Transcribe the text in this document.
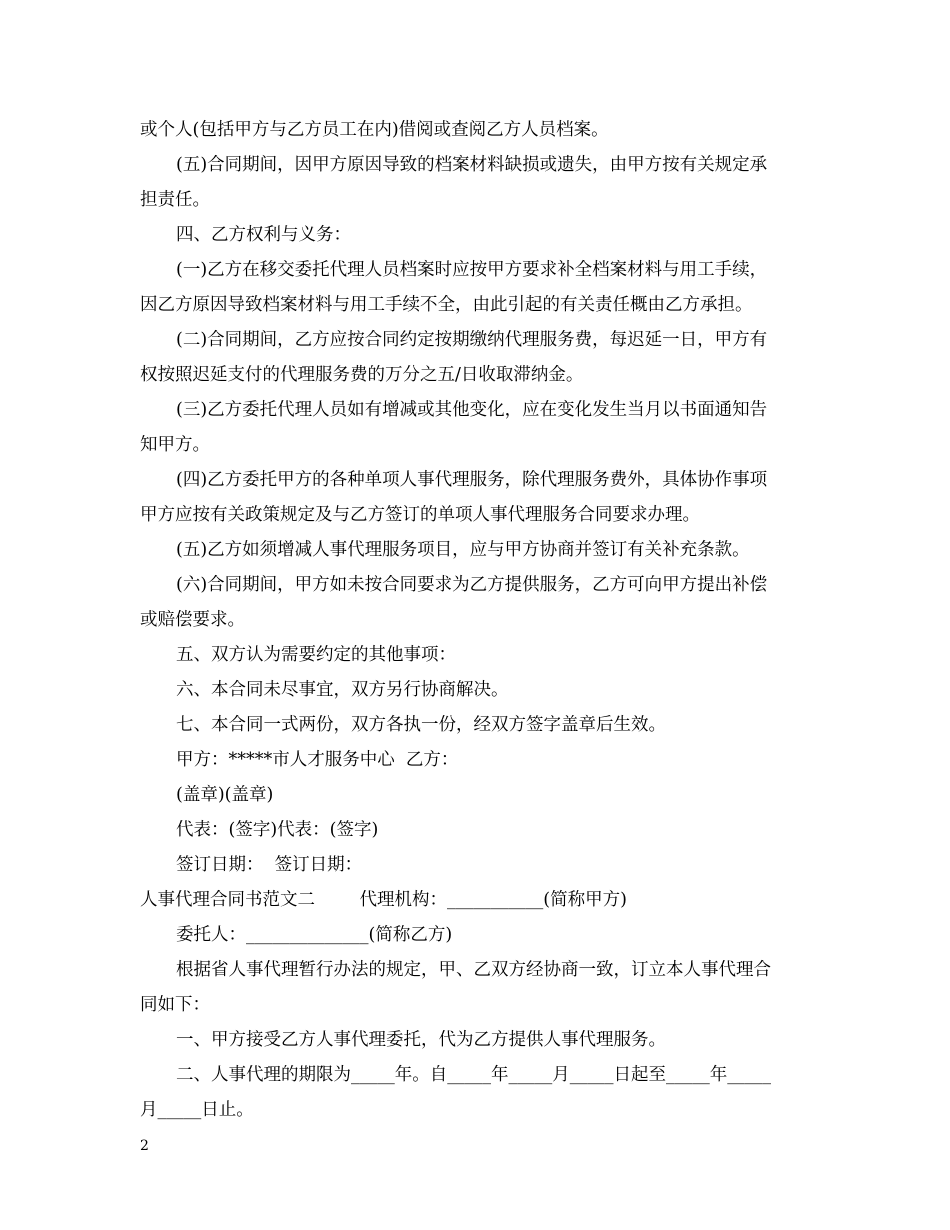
或个人(包括甲方与乙方员工在内)借阅或查阅乙方人员档案。
(五)合同期间，因甲方原因导致的档案材料缺损或遗失，由甲方按有关规定承
担责任。
四、乙方权利与义务：
(一)乙方在移交委托代理人员档案时应按甲方要求补全档案材料与用工手续，
因乙方原因导致档案材料与用工手续不全，由此引起的有关责任概由乙方承担。
(二)合同期间，乙方应按合同约定按期缴纳代理服务费，每迟延一日，甲方有
权按照迟延支付的代理服务费的万分之五/日收取滞纳金。
(三)乙方委托代理人员如有增减或其他变化，应在变化发生当月以书面通知告
知甲方。
(四)乙方委托甲方的各种单项人事代理服务，除代理服务费外，具体协作事项
甲方应按有关政策规定及与乙方签订的单项人事代理服务合同要求办理。
(五)乙方如须增减人事代理服务项目，应与甲方协商并签订有关补充条款。
(六)合同期间，甲方如未按合同要求为乙方提供服务，乙方可向甲方提出补偿
或赔偿要求。
五、双方认为需要约定的其他事项：
六、本合同未尽事宜，双方另行协商解决。
七、本合同一式两份，双方各执一份，经双方签字盖章后生效。
甲方：*****市人才服务中心  乙方：
(盖章)(盖章)
代表：(签字)代表：(签字)
签订日期：  签订日期：
人事代理合同书范文二        代理机构：___________(简称甲方)
委托人：______________(简称乙方)
根据省人事代理暂行办法的规定，甲、乙双方经协商一致，订立本人事代理合
同如下：
一、甲方接受乙方人事代理委托，代为乙方提供人事代理服务。
二、人事代理的期限为_____年。自_____年_____月_____日起至_____年_____
月_____日止。
2
